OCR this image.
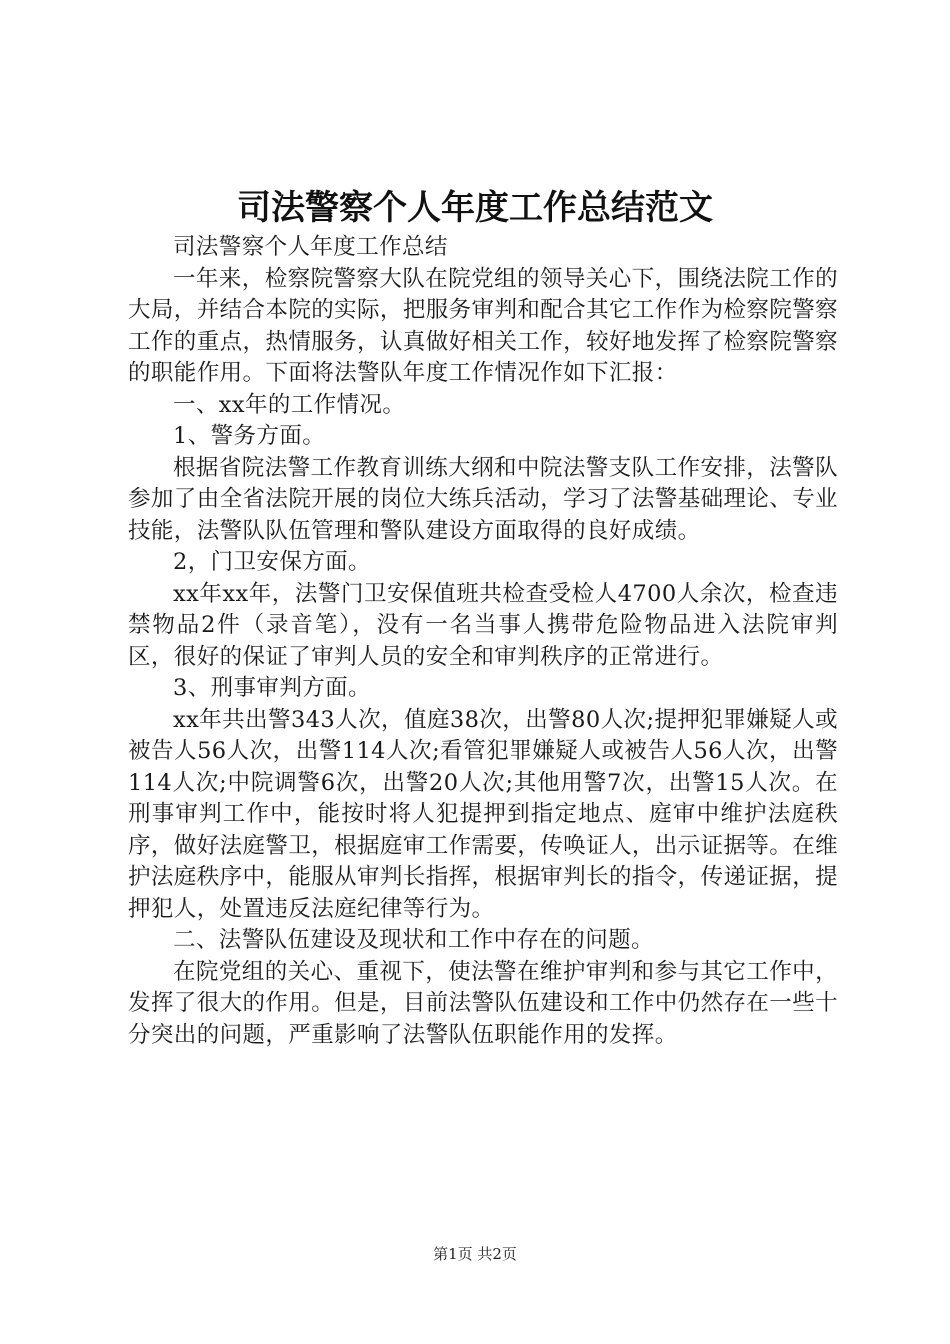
司法警察个人年度工作总结范文

司法警察个人年度工作总结

一年来，检察院警察大队在院党组的领导关心下，围绕法院工作的大局，并结合本院的实际，把服务审判和配合其它工作作为检察院警察工作的重点，热情服务，认真做好相关工作，较好地发挥了检察院警察的职能作用。下面将法警队年度工作情况作如下汇报：

一、xx年的工作情况。

1、警务方面。

根据省院法警工作教育训练大纲和中院法警支队工作安排，法警队参加了由全省法院开展的岗位大练兵活动，学习了法警基础理论、专业技能，法警队队伍管理和警队建设方面取得的良好成绩。

2，门卫安保方面。

xx年xx年，法警门卫安保值班共检查受检人4700人余次，检查违禁物品2件（录音笔），没有一名当事人携带危险物品进入法院审判区，很好的保证了审判人员的安全和审判秩序的正常进行。

3、刑事审判方面。

xx年共出警343人次，值庭38次，出警80人次;提押犯罪嫌疑人或被告人56人次，出警114人次;看管犯罪嫌疑人或被告人56人次，出警114人次;中院调警6次，出警20人次;其他用警7次，出警15人次。在刑事审判工作中，能按时将人犯提押到指定地点、庭审中维护法庭秩序，做好法庭警卫，根据庭审工作需要，传唤证人，出示证据等。在维护法庭秩序中，能服从审判长指挥，根据审判长的指令，传递证据，提押犯人，处置违反法庭纪律等行为。

二、法警队伍建设及现状和工作中存在的问题。

在院党组的关心、重视下，使法警在维护审判和参与其它工作中，发挥了很大的作用。但是，目前法警队伍建设和工作中仍然存在一些十分突出的问题，严重影响了法警队伍职能作用的发挥。

第1页 共2页
